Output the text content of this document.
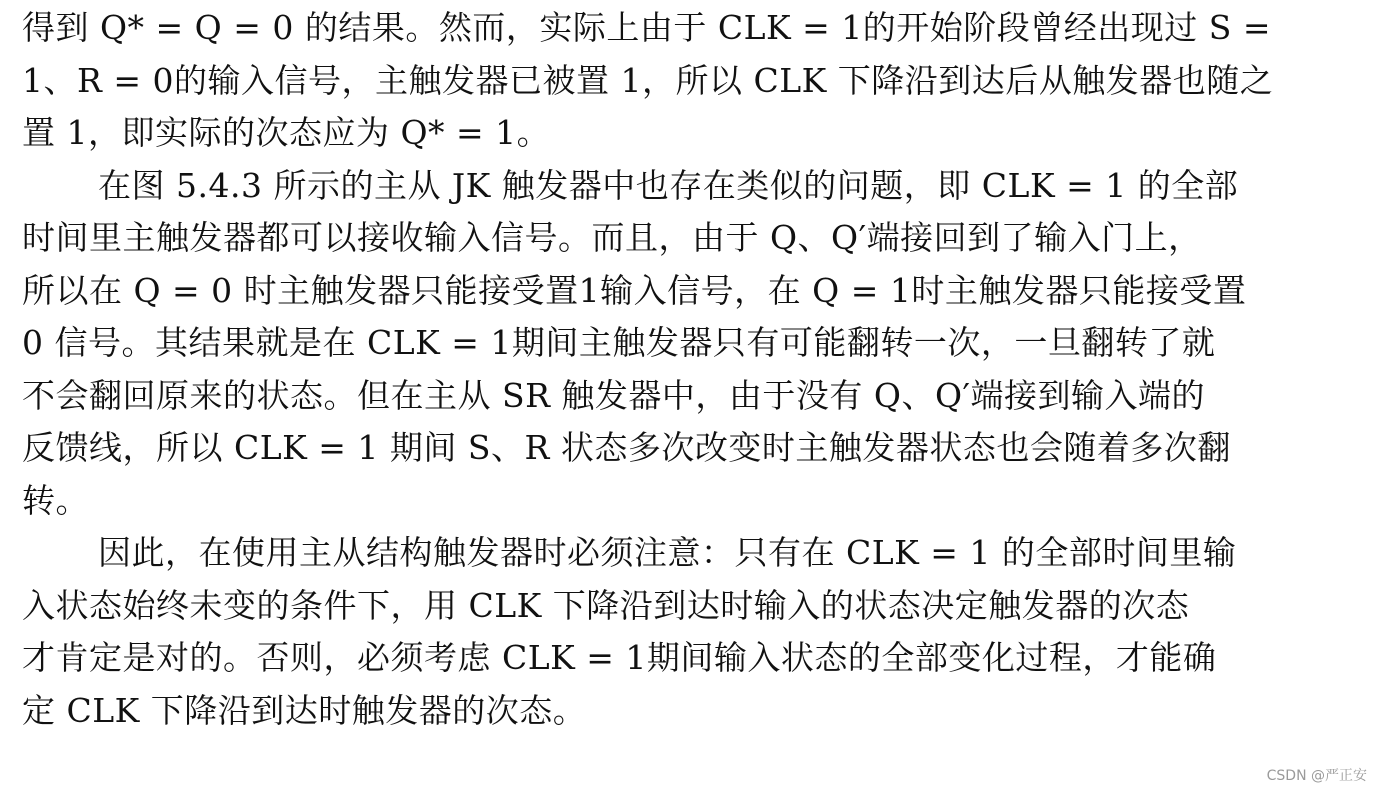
得到 Q* = Q = 0 的结果。然而，实际上由于 CLK = 1的开始阶段曾经出现过 S =
1、R = 0的输入信号，主触发器已被置 1，所以 CLK 下降沿到达后从触发器也随之
置 1，即实际的次态应为 Q* = 1。
在图 5.4.3 所示的主从 JK 触发器中也存在类似的问题，即 CLK = 1 的全部
时间里主触发器都可以接收输入信号。而且，由于 Q、Q′端接回到了输入门上，
所以在 Q = 0 时主触发器只能接受置1输入信号，在 Q = 1时主触发器只能接受置
0 信号。其结果就是在 CLK = 1期间主触发器只有可能翻转一次，一旦翻转了就
不会翻回原来的状态。但在主从 SR 触发器中，由于没有 Q、Q′端接到输入端的
反馈线，所以 CLK = 1 期间 S、R 状态多次改变时主触发器状态也会随着多次翻
转。
因此，在使用主从结构触发器时必须注意：只有在 CLK = 1 的全部时间里输
入状态始终未变的条件下，用 CLK 下降沿到达时输入的状态决定触发器的次态
才肯定是对的。否则，必须考虑 CLK = 1期间输入状态的全部变化过程，才能确
定 CLK 下降沿到达时触发器的次态。
CSDN @严正安
